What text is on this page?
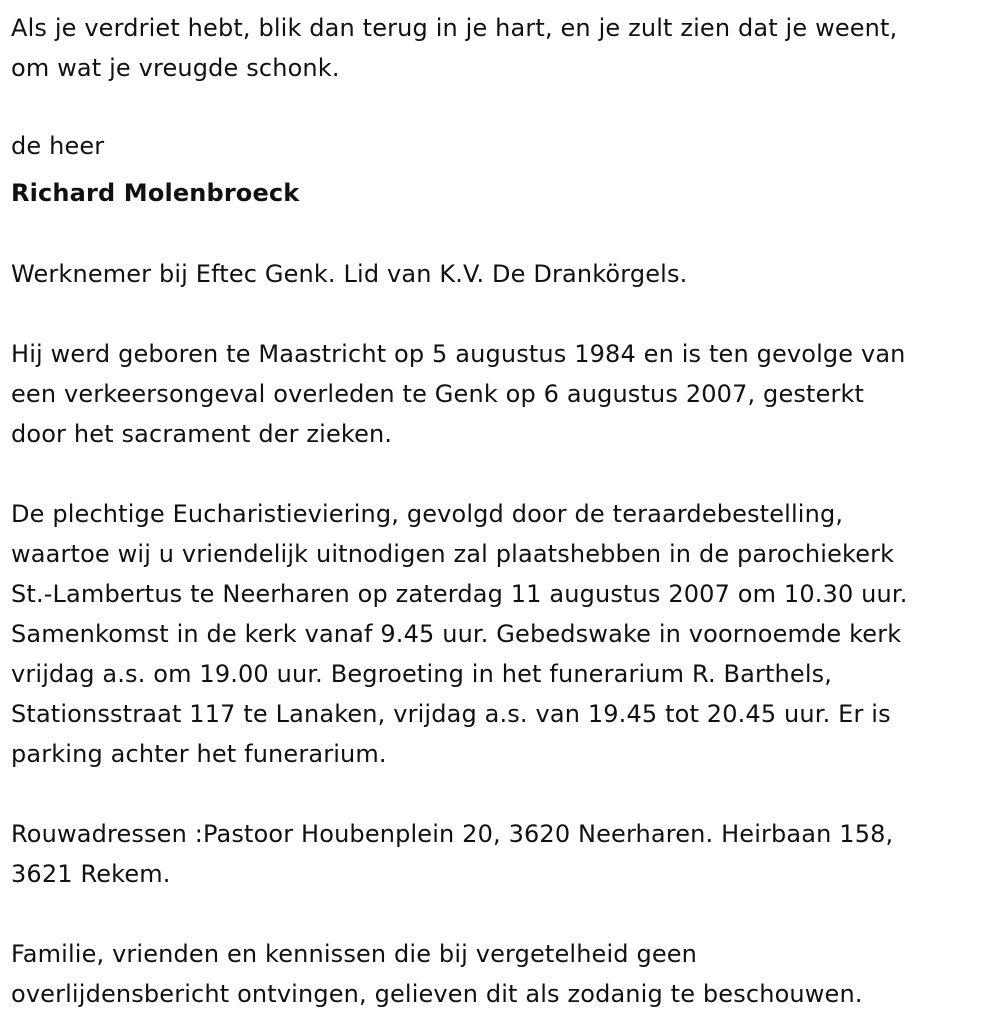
Als je verdriet hebt, blik dan terug in je hart, en je zult zien dat je weent,
om wat je vreugde schonk.
de heer
Richard Molenbroeck
Werknemer bij Eftec Genk. Lid van K.V. De Drankörgels.
Hij werd geboren te Maastricht op 5 augustus 1984 en is ten gevolge van
een verkeersongeval overleden te Genk op 6 augustus 2007, gesterkt
door het sacrament der zieken.
De plechtige Eucharistieviering, gevolgd door de teraardebestelling,
waartoe wij u vriendelijk uitnodigen zal plaatshebben in de parochiekerk
St.-Lambertus te Neerharen op zaterdag 11 augustus 2007 om 10.30 uur.
Samenkomst in de kerk vanaf 9.45 uur. Gebedswake in voornoemde kerk
vrijdag a.s. om 19.00 uur. Begroeting in het funerarium R. Barthels,
Stationsstraat 117 te Lanaken, vrijdag a.s. van 19.45 tot 20.45 uur. Er is
parking achter het funerarium.
Rouwadressen :Pastoor Houbenplein 20, 3620 Neerharen. Heirbaan 158,
3621 Rekem.
Familie, vrienden en kennissen die bij vergetelheid geen
overlijdensbericht ontvingen, gelieven dit als zodanig te beschouwen.
